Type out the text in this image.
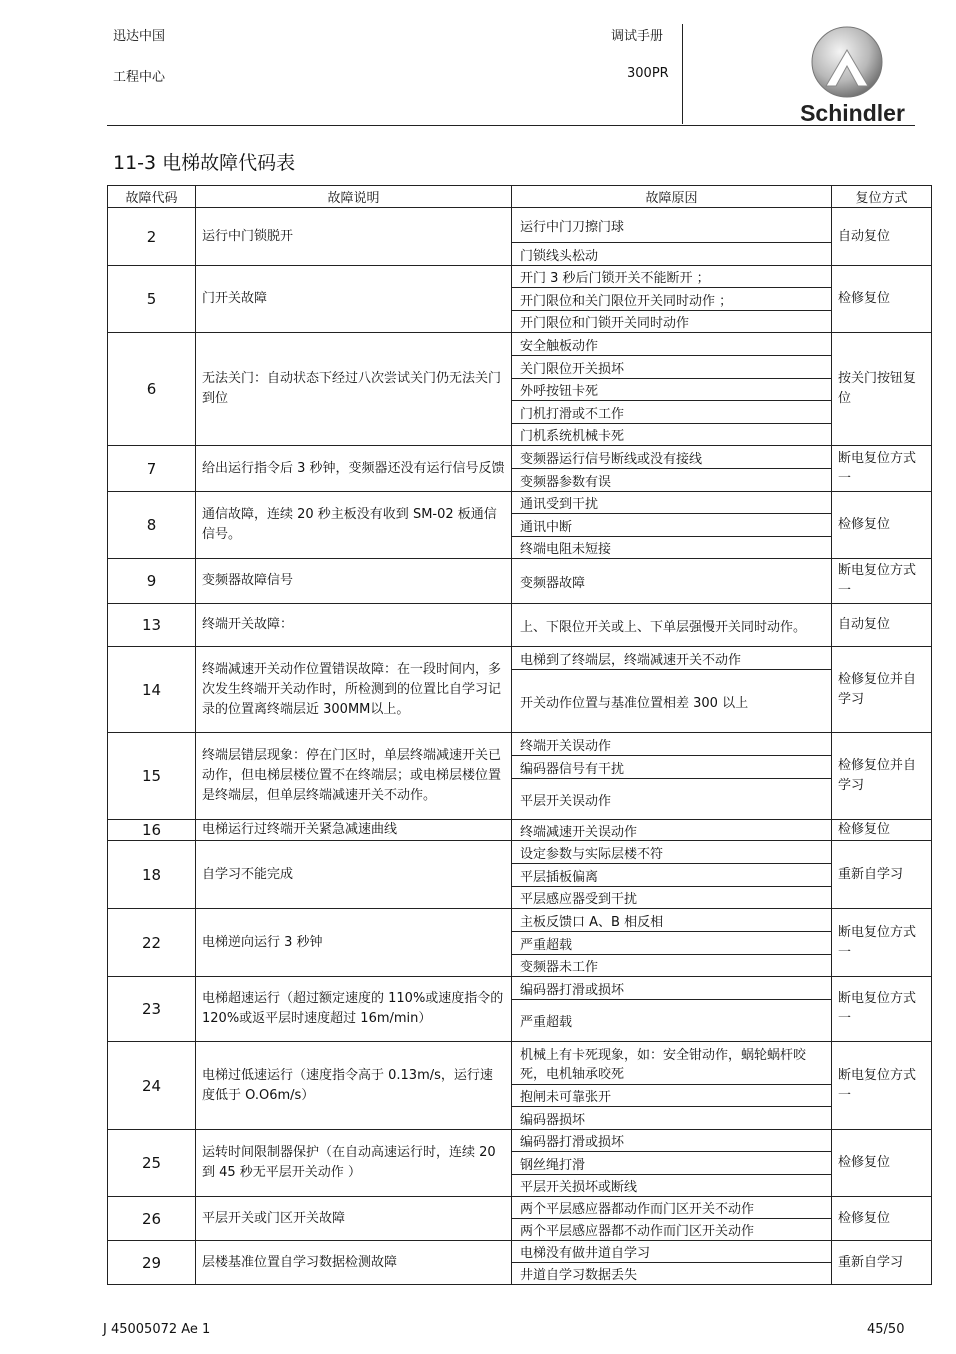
迅达中国
工程中心
调试手册
300PR
Schindler
11-3 电梯故障代码表
故障代码	故障说明	故障原因	复位方式
2	运行中门锁脱开	运行中门刀擦门球
门锁线头松动	自动复位
5	门开关故障	开门 3 秒后门锁开关不能断开 ；
开门限位和关门限位开关同时动作 ；
开门限位和门锁开关同时动作	检修复位
6	无法关门：自动状态下经过八次尝试关门仍无法关门到位	安全触板动作
关门限位开关损坏
外呼按钮卡死
门机打滑或不工作
门机系统机械卡死	按关门按钮复位
7	给出运行指令后 3 秒钟，变频器还没有运行信号反馈	变频器运行信号断线或没有接线
变频器参数有误	断电复位方式一
8	通信故障，连续 20 秒主板没有收到 SM-02 板通信信号。	通讯受到干扰
通讯中断
终端电阻未短接	检修复位
9	变频器故障信号	变频器故障	断电复位方式一
13	终端开关故障：	上、下限位开关或上、下单层强慢开关同时动作。	自动复位
14	终端减速开关动作位置错误故障：在一段时间内，多次发生终端开关动作时，所检测到的位置比自学习记录的位置离终端层近 300MM以上。	电梯到了终端层，终端减速开关不动作
开关动作位置与基准位置相差 300 以上	检修复位并自学习
15	终端层错层现象：停在门区时，单层终端减速开关已动作，但电梯层楼位置不在终端层；或电梯层楼位置是终端层，但单层终端减速开关不动作。	终端开关误动作
编码器信号有干扰
平层开关误动作	检修复位并自学习
16	电梯运行过终端开关紧急减速曲线	终端减速开关误动作	检修复位
18	自学习不能完成	设定参数与实际层楼不符
平层插板偏离
平层感应器受到干扰	重新自学习
22	电梯逆向运行 3 秒钟	主板反馈口 A、B 相反相
严重超载
变频器未工作	断电复位方式一
23	电梯超速运行（超过额定速度的 110%或速度指令的 120%或返平层时速度超过 16m/min）	编码器打滑或损坏
严重超载	断电复位方式一
24	电梯过低速运行（速度指令高于 0.13m/s，运行速度低于 O.O6m/s）	机械上有卡死现象，如：安全钳动作，蜗轮蜗杆咬死，电机轴承咬死
抱闸未可靠张开
编码器损坏	断电复位方式一
25	运转时间限制器保护（在自动高速运行时，连续 20 到 45 秒无平层开关动作 ）	编码器打滑或损坏
钢丝绳打滑
平层开关损坏或断线	检修复位
26	平层开关或门区开关故障	两个平层感应器都动作而门区开关不动作
两个平层感应器都不动作而门区开关动作	检修复位
29	层楼基准位置自学习数据检测故障	电梯没有做井道自学习
井道自学习数据丢失	重新自学习
J 45005072 Ae 1	45/50
